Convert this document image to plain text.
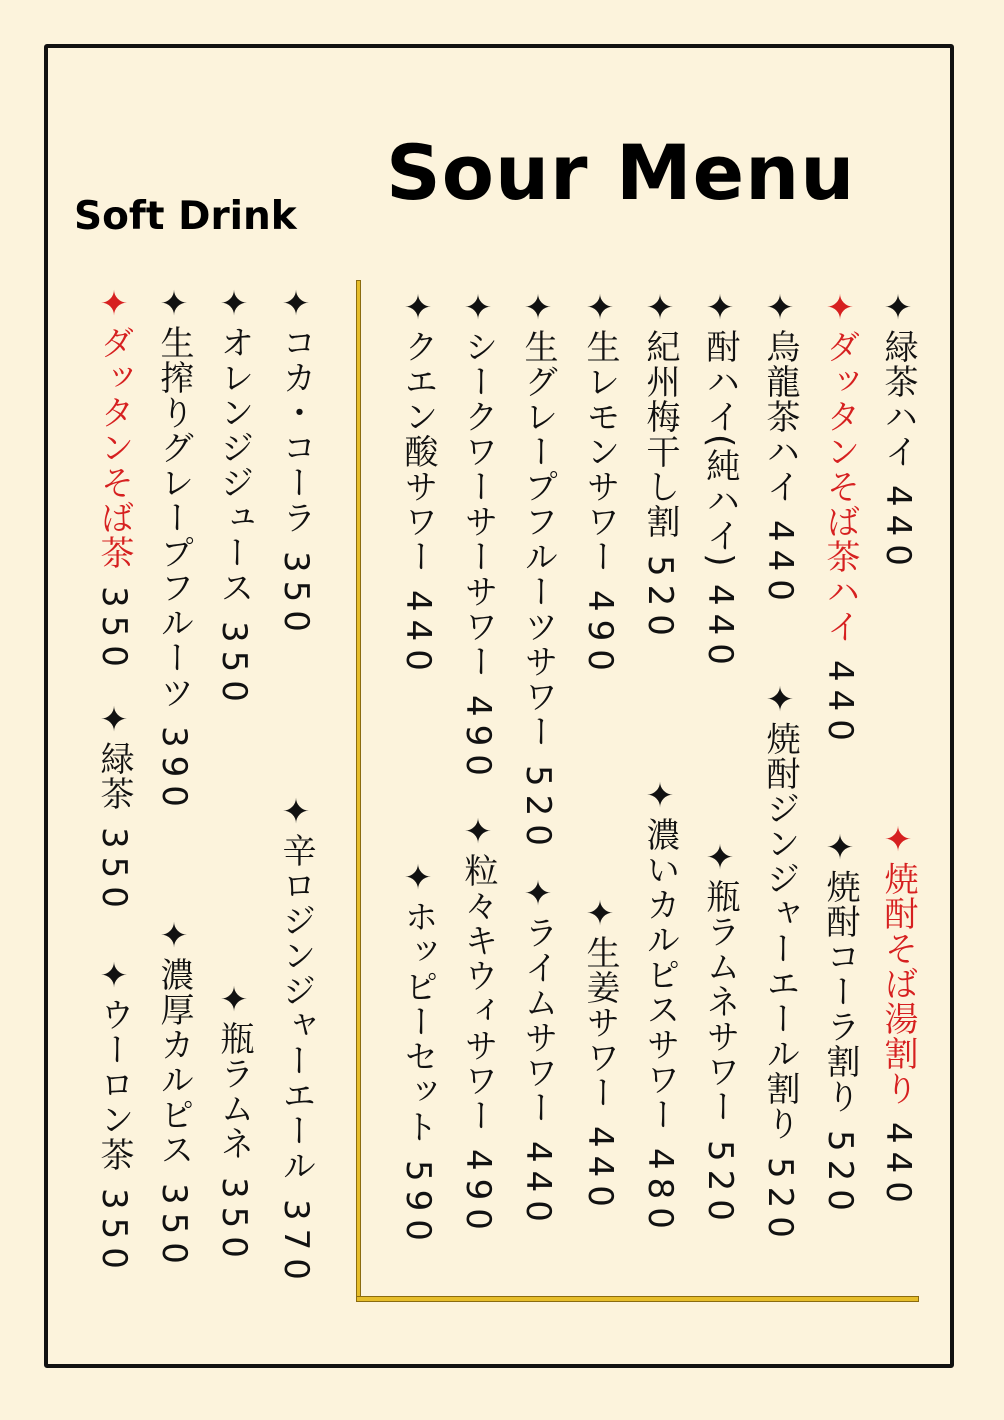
Sour Menu
Soft Drink
✦緑茶ハイ440
✦ダッタンそば茶ハイ440
✦烏龍茶ハイ440
✦酎ハイ(純ハイ)440
✦紀州梅干し割520
✦生レモンサワー490
✦生グレープフルーツサワー520
✦シークワーサーサワー490
✦クエン酸サワー440
✦焼酎そば湯割り440
✦焼酎コーラ割り520
✦焼酎ジンジャーエール割り520
✦瓶ラムネサワー520
✦濃いカルピスサワー480
✦生姜サワー440
✦ライムサワー440
✦粒々キウィサワー490
✦ホッピーセット590
✦コカ・コーラ350
✦オレンジジュース350
✦生搾りグレープフルーツ390
✦ダッタンそば茶350
✦辛ロジンジャーエール370
✦瓶ラムネ350
✦濃厚カルピス350
✦緑茶350
✦ウーロン茶350
